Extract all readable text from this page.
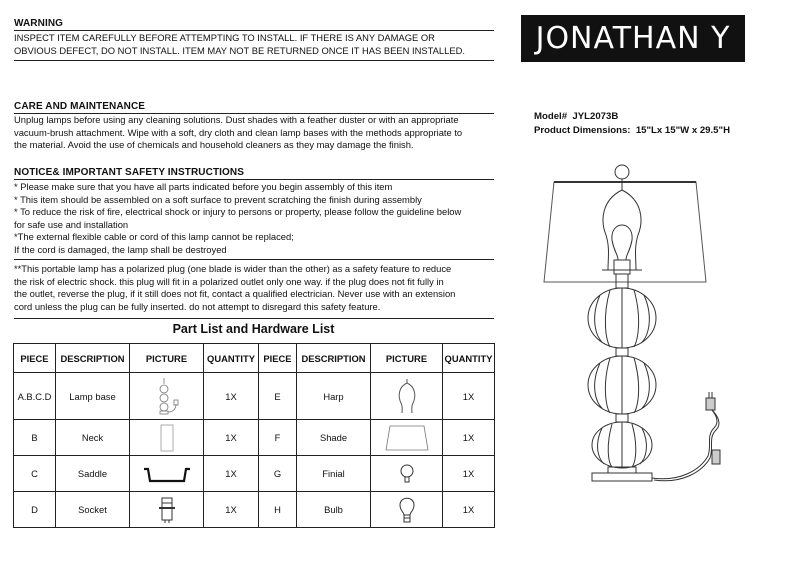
WARNING
INSPECT ITEM CAREFULLY BEFORE ATTEMPTING TO INSTALL. IF THERE IS ANY DAMAGE OR
OBVIOUS DEFECT, DO NOT INSTALL. ITEM MAY NOT BE RETURNED ONCE IT HAS BEEN INSTALLED.	JONATHAN Y
CARE AND MAINTENANCE
Unplug lamps before using any cleaning solutions. Dust shades with a feather duster or with an appropriate
vacuum-brush attachment. Wipe with a soft, dry cloth and clean lamp bases with the methods appropriate to
the material. Avoid the use of chemicals and household cleaners as they may damage the finish.
NOTICE& IMPORTANT SAFETY INSTRUCTIONS
* Please make sure that you have all parts indicated before you begin assembly of this item
* This item should be assembled on a soft surface to prevent scratching the finish during assembly
* To reduce the risk of fire, electrical shock or injury to persons or property, please follow the guideline below
for safe use and installation
*The external flexible cable or cord of this lamp cannot be replaced;
If the cord is damaged, the lamp shall be destroyed
**This portable lamp has a polarized plug (one blade is wider than the other) as a safety feature to reduce
the risk of electric shock. this plug will fit in a polarized outlet only one way. if the plug does not fit fully in
the outlet, reverse the plug, if it still does not fit, contact a qualified electrician. Never use with an extension
cord unless the plug can be fully inserted. do not attempt to disregard this safety feature.
Model# JYL2073B
Product Dimensions: 15"Lx 15"W x 29.5"H
Part List and Hardware List
PIECE	DESCRIPTION	PICTURE	QUANTITY	PIECE	DESCRIPTION	PICTURE	QUANTITY
A.B.C.D	Lamp base		1X	E	Harp		1X
B	Neck		1X	F	Shade		1X
C	Saddle		1X	G	Finial		1X
D	Socket		1X	H	Bulb		1X
